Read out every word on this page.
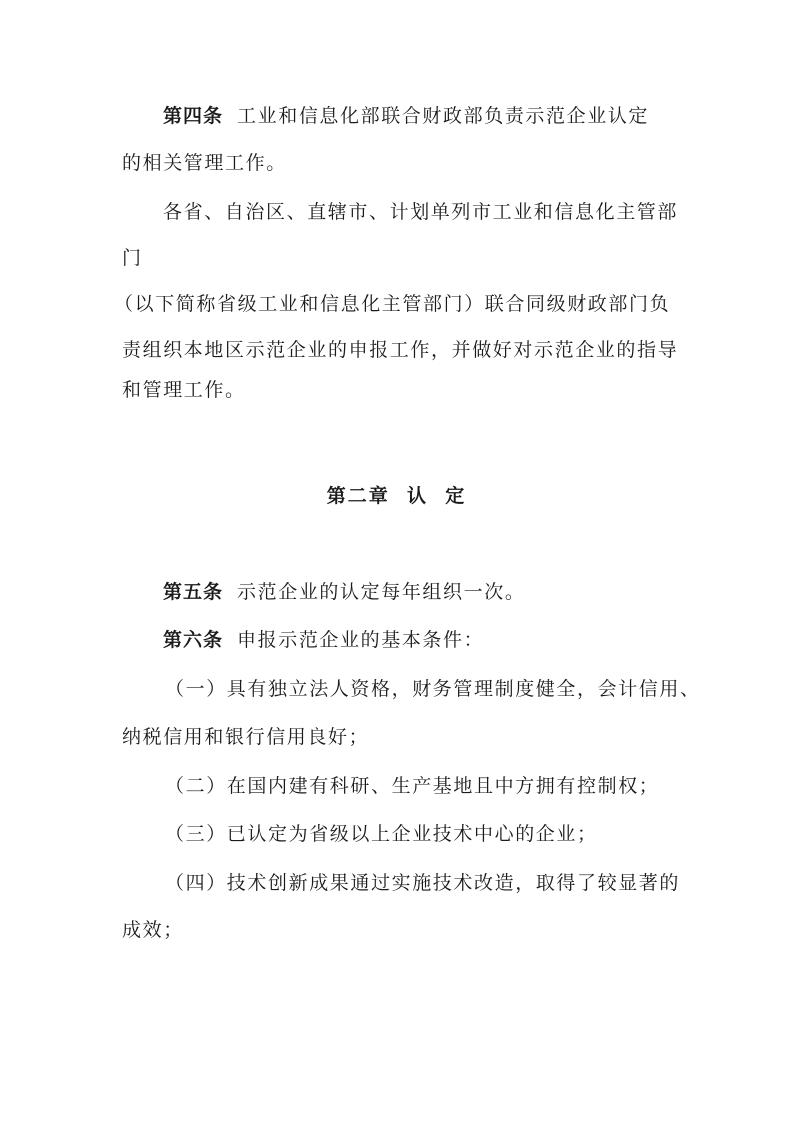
第四条 工业和信息化部联合财政部负责示范企业认定
的相关管理工作。
各省、自治区、直辖市、计划单列市工业和信息化主管部
门
（以下简称省级工业和信息化主管部门）联合同级财政部门负
责组织本地区示范企业的申报工作，并做好对示范企业的指导
和管理工作。
第二章  认  定
第五条 示范企业的认定每年组织一次。
第六条 申报示范企业的基本条件：
（一）具有独立法人资格，财务管理制度健全，会计信用、
纳税信用和银行信用良好；
（二）在国内建有科研、生产基地且中方拥有控制权；
（三）已认定为省级以上企业技术中心的企业；
（四）技术创新成果通过实施技术改造，取得了较显著的
成效；
